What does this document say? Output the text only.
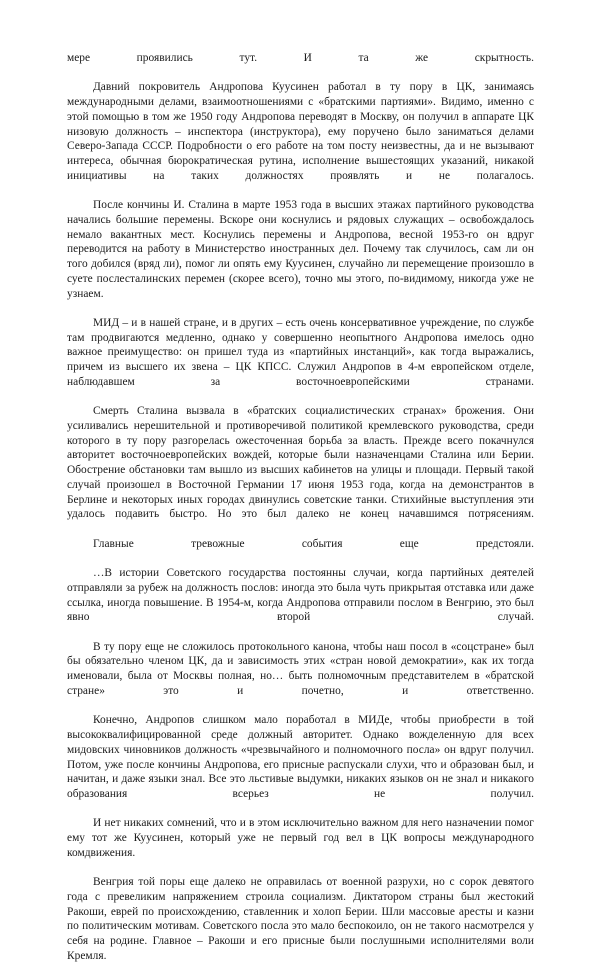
мере проявились тут. И та же скрытность.

Давний покровитель Андропова Куусинен работал в ту пору в ЦК, занимаясь международными делами, взаимоотношениями с «братскими партиями». Видимо, именно с этой помощью в том же 1950 году Андропова переводят в Москву, он получил в аппарате ЦК низовую должность – инспектора (инструктора), ему поручено было заниматься делами Северо-Запада СССР. Подробности о его работе на том посту неизвестны, да и не вызывают интереса, обычная бюрократическая рутина, исполнение вышестоящих указаний, никакой инициативы на таких должностях проявлять и не полагалось.

После кончины И. Сталина в марте 1953 года в высших этажах партийного руководства начались большие перемены. Вскоре они коснулись и рядовых служащих – освобождалось немало вакантных мест. Коснулись перемены и Андропова, весной 1953-го он вдруг переводится на работу в Министерство иностранных дел. Почему так случилось, сам ли он того добился (вряд ли), помог ли опять ему Куусинен, случайно ли перемещение произошло в суете послесталинских перемен (скорее всего), точно мы этого, по-видимому, никогда уже не узнаем.

МИД – и в нашей стране, и в других – есть очень консервативное учреждение, по службе там продвигаются медленно, однако у совершенно неопытного Андропова имелось одно важное преимущество: он пришел туда из «партийных инстанций», как тогда выражались, причем из высшего их звена – ЦК КПСС. Служил Андропов в 4-м европейском отделе, наблюдавшем за восточноевропейскими странами.

Смерть Сталина вызвала в «братских социалистических странах» брожения. Они усиливались нерешительной и противоречивой политикой кремлевского руководства, среди которого в ту пору разгорелась ожесточенная борьба за власть. Прежде всего покачнулся авторитет восточноевропейских вождей, которые были назначенцами Сталина или Берии. Обострение обстановки там вышло из высших кабинетов на улицы и площади. Первый такой случай произошел в Восточной Германии 17 июня 1953 года, когда на демонстрантов в Берлине и некоторых иных городах двинулись советские танки. Стихийные выступления эти удалось подавить быстро. Но это был далеко не конец начавшимся потрясениям.

Главные тревожные события еще предстояли.

…В истории Советского государства постоянны случаи, когда партийных деятелей отправляли за рубеж на должность послов: иногда это была чуть прикрытая отставка или даже ссылка, иногда повышение. В 1954-м, когда Андропова отправили послом в Венгрию, это был явно второй случай.

В ту пору еще не сложилось протокольного канона, чтобы наш посол в «соцстране» был бы обязательно членом ЦК, да и зависимость этих «стран новой демократии», как их тогда именовали, была от Москвы полная, но… быть полномочным представителем в «братской стране» это и почетно, и ответственно.

Конечно, Андропов слишком мало поработал в МИДе, чтобы приобрести в той высококвалифицированной среде должный авторитет. Однако вожделенную для всех мидовских чиновников должность «чрезвычайного и полномочного посла» он вдруг получил. Потом, уже после кончины Андропова, его присные распускали слухи, что и образован был, и начитан, и даже языки знал. Все это льстивые выдумки, никаких языков он не знал и никакого образования всерьез не получил.

И нет никаких сомнений, что и в этом исключительно важном для него назначении помог ему тот же Куусинен, который уже не первый год вел в ЦК вопросы международного комдвижения.

Венгрия той поры еще далеко не оправилась от военной разрухи, но с сорок девятого года с превеликим напряжением строила социализм. Диктатором страны был жестокий Ракоши, еврей по происхождению, ставленник и холоп Берии. Шли массовые аресты и казни по политическим мотивам. Советского посла это мало беспокоило, он не такого насмотрелся у себя на родине. Главное – Ракоши и его присные были послушными исполнителями воли Кремля.
